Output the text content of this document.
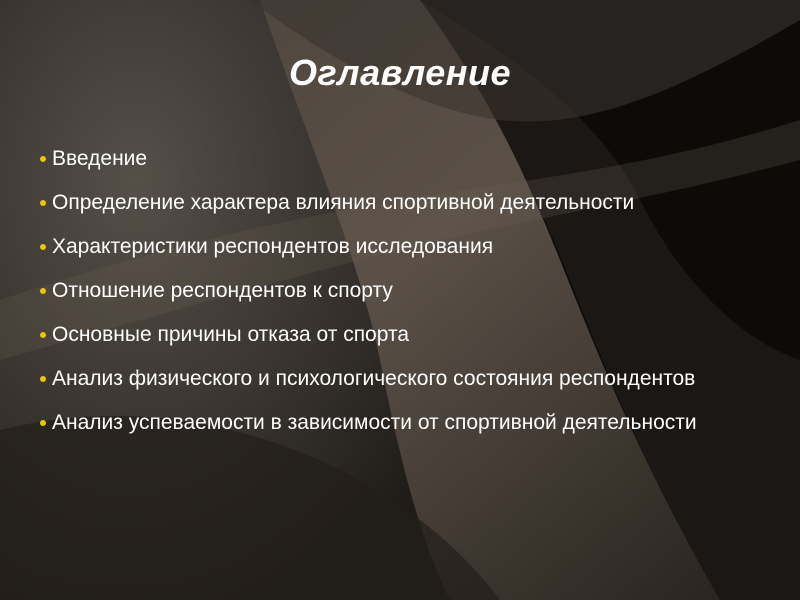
Оглавление
Введение
Определение характера влияния спортивной деятельности
Характеристики респондентов исследования
Отношение респондентов к спорту
Основные причины отказа от спорта
Анализ физического и психологического состояния респондентов
Анализ успеваемости в зависимости от спортивной деятельности
